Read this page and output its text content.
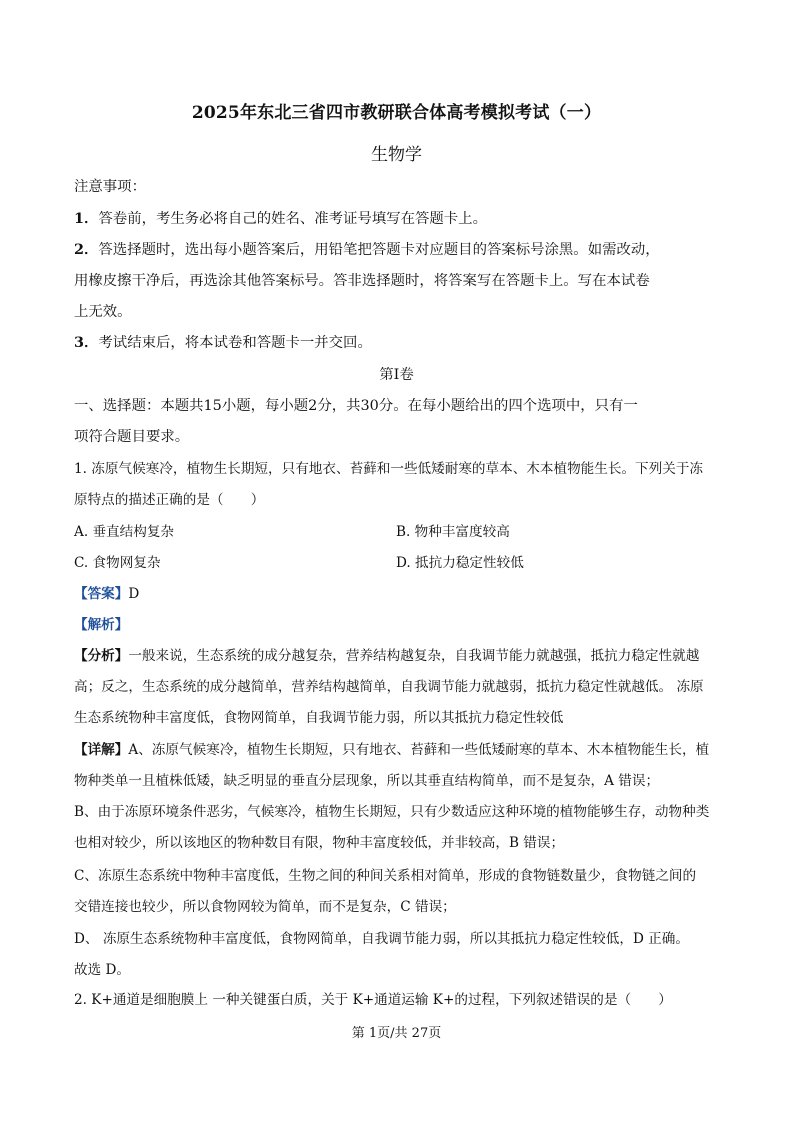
2025年东北三省四市教研联合体高考模拟考试（一）
生物学
注意事项：
1．答卷前，考生务必将自己的姓名、准考证号填写在答题卡上。
2．答选择题时，选出每小题答案后，用铅笔把答题卡对应题目的答案标号涂黑。如需改动，
用橡皮擦干净后，再选涂其他答案标号。答非选择题时，将答案写在答题卡上。写在本试卷
上无效。
3．考试结束后，将本试卷和答题卡一并交回。
第I卷
一、选择题：本题共15小题，每小题2分，共30分。在每小题给出的四个选项中，只有一
项符合题目要求。
1. 冻原气候寒冷，植物生长期短，只有地衣、苔藓和一些低矮耐寒的草本、木本植物能生长。下列关于冻
原特点的描述正确的是（　　）
A. 垂直结构复杂	B. 物种丰富度较高
C. 食物网复杂	D. 抵抗力稳定性较低
【答案】D
【解析】
【分析】一般来说，生态系统的成分越复杂，营养结构越复杂，自我调节能力就越强，抵抗力稳定性就越
高；反之，生态系统的成分越简单，营养结构越简单，自我调节能力就越弱，抵抗力稳定性就越低。 冻原
生态系统物种丰富度低，食物网简单，自我调节能力弱，所以其抵抗力稳定性较低
【详解】A、冻原气候寒冷，植物生长期短，只有地衣、苔藓和一些低矮耐寒的草本、木本植物能生长，植
物种类单一且植株低矮，缺乏明显的垂直分层现象，所以其垂直结构简单，而不是复杂，A 错误；
B、由于冻原环境条件恶劣，气候寒冷，植物生长期短，只有少数适应这种环境的植物能够生存，动物种类
也相对较少，所以该地区的物种数目有限，物种丰富度较低，并非较高，B 错误；
C、冻原生态系统中物种丰富度低，生物之间的种间关系相对简单，形成的食物链数量少，食物链之间的
交错连接也较少，所以食物网较为简单，而不是复杂，C 错误；
D、 冻原生态系统物种丰富度低，食物网简单，自我调节能力弱，所以其抵抗力稳定性较低，D 正确。
故选 D。
2. K+通道是细胞膜上 一种关键蛋白质，关于 K+通道运输 K+的过程，下列叙述错误的是（　　）
第 1页/共 27页
